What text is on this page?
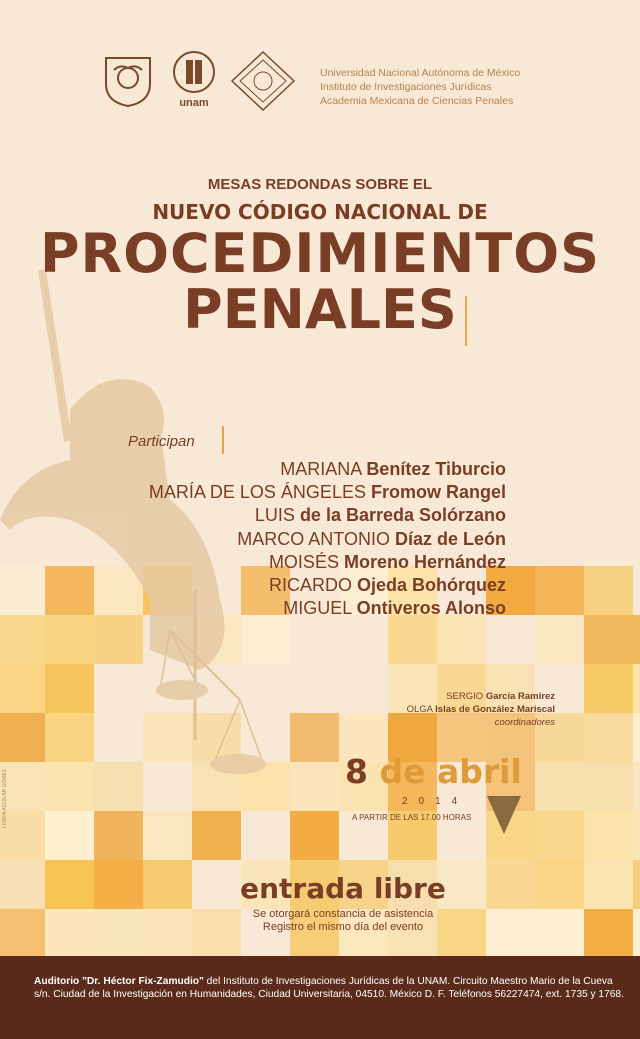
unam
Universidad Nacional Autónoma de México
Instituto de Investigaciones Jurídicas
Academia Mexicana de Ciencias Penales
MESAS REDONDAS SOBRE EL
NUEVO CÓDIGO NACIONAL DE
PROCEDIMIENTOS
PENALES
Participan
MARIANA Benítez Tiburcio
MARÍA DE LOS ÁNGELES Fromow Rangel
LUIS de la Barreda Solórzano
MARCO ANTONIO Díaz de León
MOISÉS Moreno Hernández
RICARDO Ojeda Bohórquez
MIGUEL Ontiveros Alonso
SERGIO García Ramírez
OLGA Islas de González Mariscal
coordinadores
8 de abril
2014
A PARTIR DE LAS 17.00 HORAS
LORFA AGUILAR GÓMEZ
entrada libre
Se otorgará constancia de asistencia
Registro el mismo día del evento
Auditorio "Dr. Héctor Fix-Zamudio" del Instituto de Investigaciones Jurídicas de la UNAM. Circuito Maestro Mario de la Cueva s/n. Ciudad de la Investigación en Humanidades, Ciudad Universitaria, 04510. México D. F. Teléfonos 56227474, ext. 1735 y 1768.
